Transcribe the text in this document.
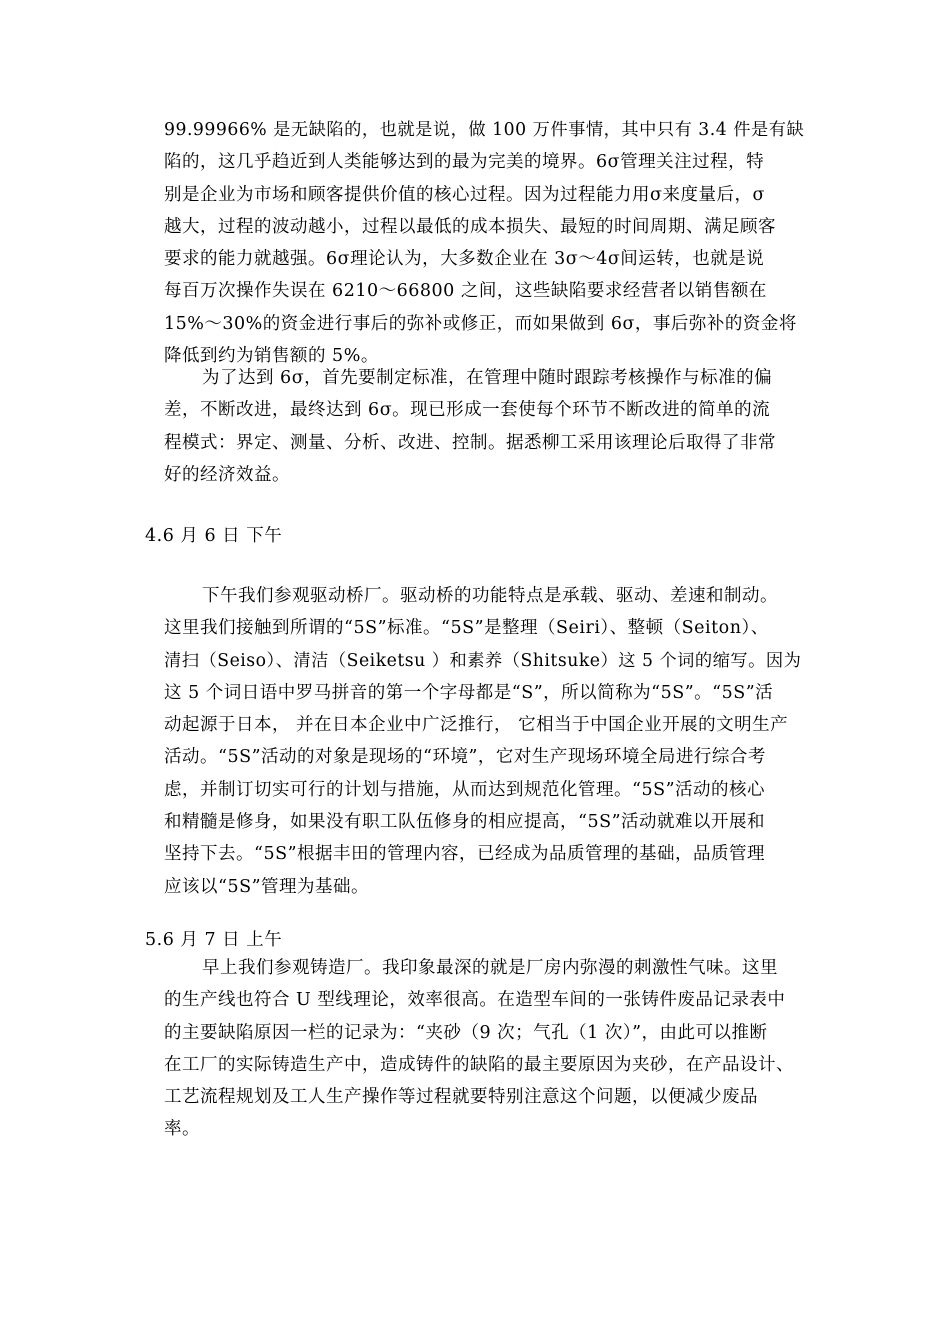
99.99966% 是无缺陷的，也就是说，做 100 万件事情，其中只有 3.4 件是有缺
陷的，这几乎趋近到人类能够达到的最为完美的境界。6σ管理关注过程，特
别是企业为市场和顾客提供价值的核心过程。因为过程能力用σ来度量后，σ
越大，过程的波动越小，过程以最低的成本损失、最短的时间周期、满足顾客
要求的能力就越强。6σ理论认为，大多数企业在 3σ～4σ间运转，也就是说
每百万次操作失误在 6210～66800 之间，这些缺陷要求经营者以销售额在
15%～30%的资金进行事后的弥补或修正，而如果做到 6σ，事后弥补的资金将
降低到约为销售额的 5%。
为了达到 6σ，首先要制定标准，在管理中随时跟踪考核操作与标准的偏
差，不断改进，最终达到 6σ。现已形成一套使每个环节不断改进的简单的流
程模式：界定、测量、分析、改进、控制。据悉柳工采用该理论后取得了非常
好的经济效益。
4.6 月 6 日 下午
下午我们参观驱动桥厂。驱动桥的功能特点是承载、驱动、差速和制动。
这里我们接触到所谓的“5S”标准。“5S”是整理（Seiri）、整顿（Seiton）、
清扫（Seiso）、清洁（Seiketsu ）和素养（Shitsuke）这 5 个词的缩写。因为
这 5 个词日语中罗马拼音的第一个字母都是“S”，所以简称为“5S”。“5S”活
动起源于日本， 并在日本企业中广泛推行， 它相当于中国企业开展的文明生产
活动。“5S”活动的对象是现场的“环境”，它对生产现场环境全局进行综合考
虑，并制订切实可行的计划与措施，从而达到规范化管理。“5S”活动的核心
和精髓是修身，如果没有职工队伍修身的相应提高，“5S”活动就难以开展和
坚持下去。“5S”根据丰田的管理内容，已经成为品质管理的基础，品质管理
应该以“5S”管理为基础。
5.6 月 7 日 上午
早上我们参观铸造厂。我印象最深的就是厂房内弥漫的刺激性气味。这里
的生产线也符合 U 型线理论，效率很高。在造型车间的一张铸件废品记录表中
的主要缺陷原因一栏的记录为：“夹砂（9 次；气孔（1 次）”，由此可以推断
在工厂的实际铸造生产中，造成铸件的缺陷的最主要原因为夹砂，在产品设计、
工艺流程规划及工人生产操作等过程就要特别注意这个问题，以便减少废品
率。
